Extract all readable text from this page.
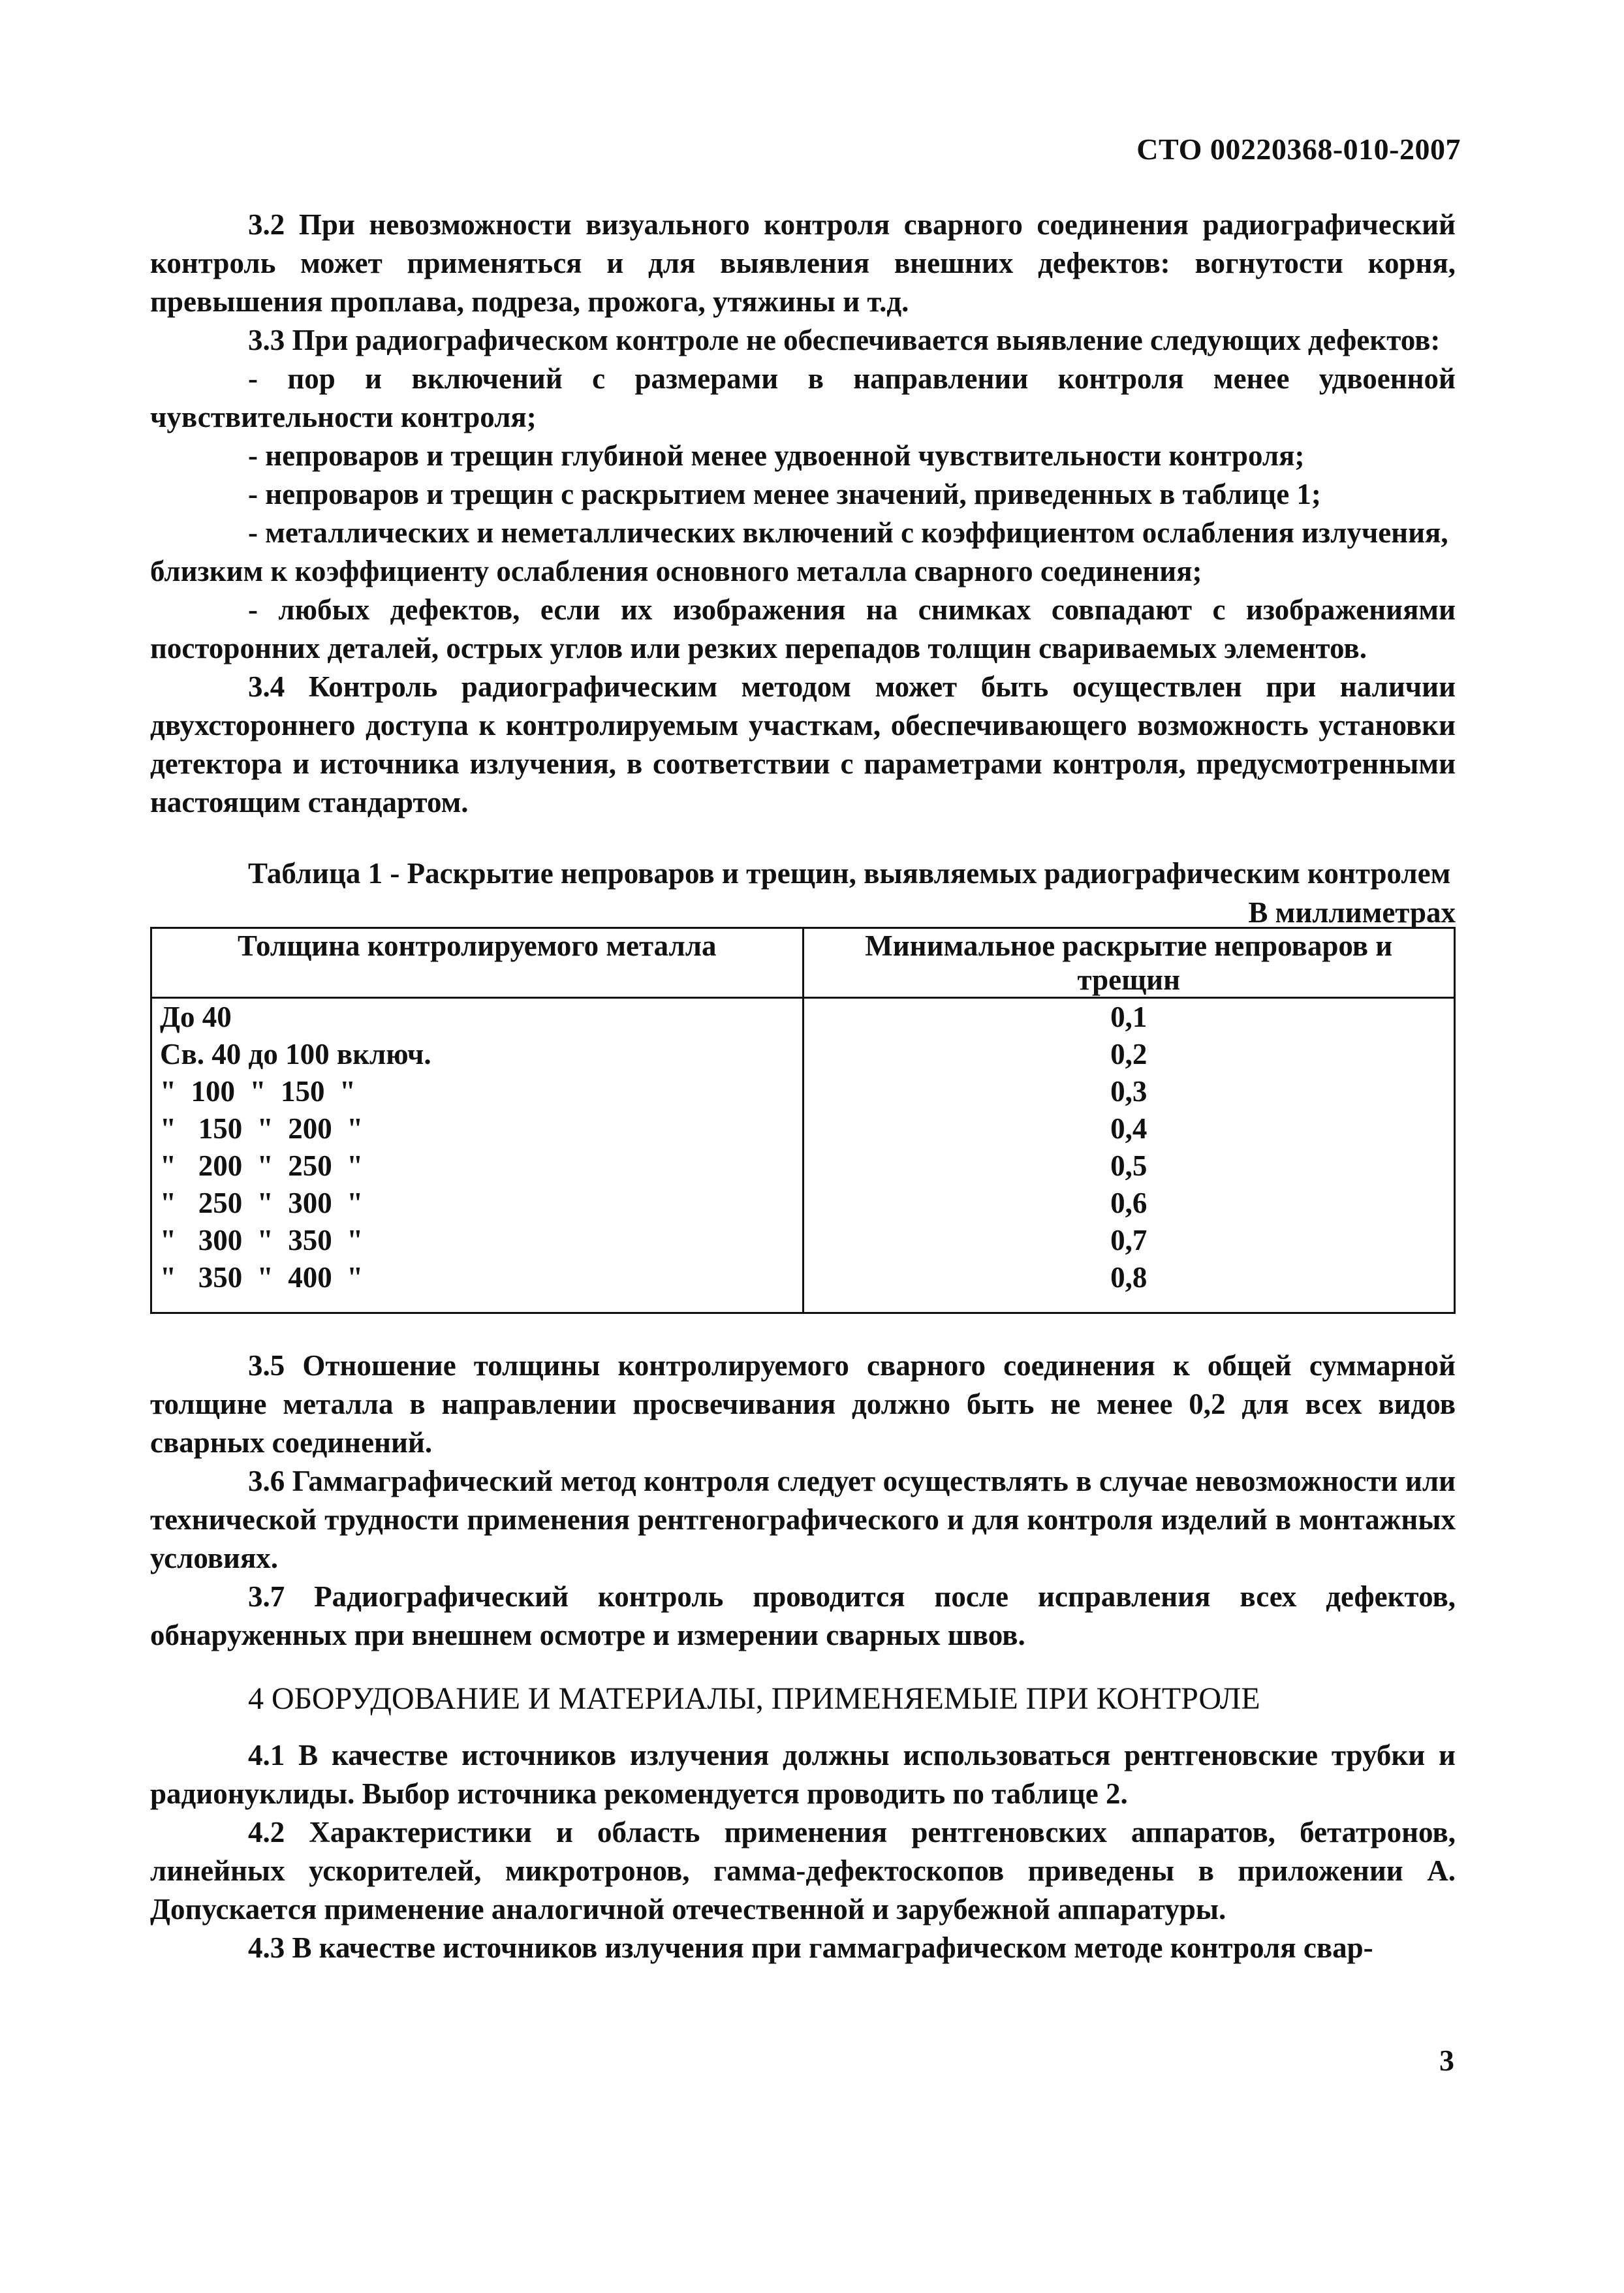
СТО 00220368-010-2007

3.2 При невозможности визуального контроля сварного соединения радиографический контроль может применяться и для выявления внешних дефектов: вогнутости корня, превышения проплава, подреза, прожога, утяжины и т.д.

3.3 При радиографическом контроле не обеспечивается выявление следующих дефектов:

- пор и включений с размерами в направлении контроля менее удвоенной чувствительности контроля;

- непроваров и трещин глубиной менее удвоенной чувствительности контроля;

- непроваров и трещин с раскрытием менее значений, приведенных в таблице 1;

- металлических и неметаллических включений с коэффициентом ослабления излучения,

близким к коэффициенту ослабления основного металла сварного соединения;

- любых дефектов, если их изображения на снимках совпадают с изображениями посторонних деталей, острых углов или резких перепадов толщин свариваемых элементов.

3.4 Контроль радиографическим методом может быть осуществлен при наличии двухстороннего доступа к контролируемым участкам, обеспечивающего возможность установки детектора и источника излучения, в соответствии с параметрами контроля, предусмотренными настоящим стандартом.

Таблица 1 - Раскрытие непроваров и трещин, выявляемых радиографическим контролем

В миллиметрах

Толщина контролируемого металла	Минимальное раскрытие непроваров и трещин
До 40	0,1
Св. 40 до 100 включ.	0,2
"  100  "  150  "	0,3
"   150  "  200  "	0,4
"   200  "  250  "	0,5
"   250  "  300  "	0,6
"   300  "  350  "	0,7
"   350  "  400  "	0,8

3.5 Отношение толщины контролируемого сварного соединения к общей суммарной толщине металла в направлении просвечивания должно быть не менее 0,2 для всех видов сварных соединений.

3.6 Гаммаграфический метод контроля следует осуществлять в случае невозможности или технической трудности применения рентгенографического и для контроля изделий в монтажных условиях.

3.7 Радиографический контроль проводится после исправления всех дефектов, обнаруженных при внешнем осмотре и измерении сварных швов.

4 ОБОРУДОВАНИЕ И МАТЕРИАЛЫ, ПРИМЕНЯЕМЫЕ ПРИ КОНТРОЛЕ

4.1 В качестве источников излучения должны использоваться рентгеновские трубки и радионуклиды. Выбор источника рекомендуется проводить по таблице 2.

4.2 Характеристики и область применения рентгеновских аппаратов, бетатронов, линейных ускорителей, микротронов, гамма-дефектоскопов приведены в приложении А. Допускается применение аналогичной отечественной и зарубежной аппаратуры.

4.3 В качестве источников излучения при гаммаграфическом методе контроля свар-

3
